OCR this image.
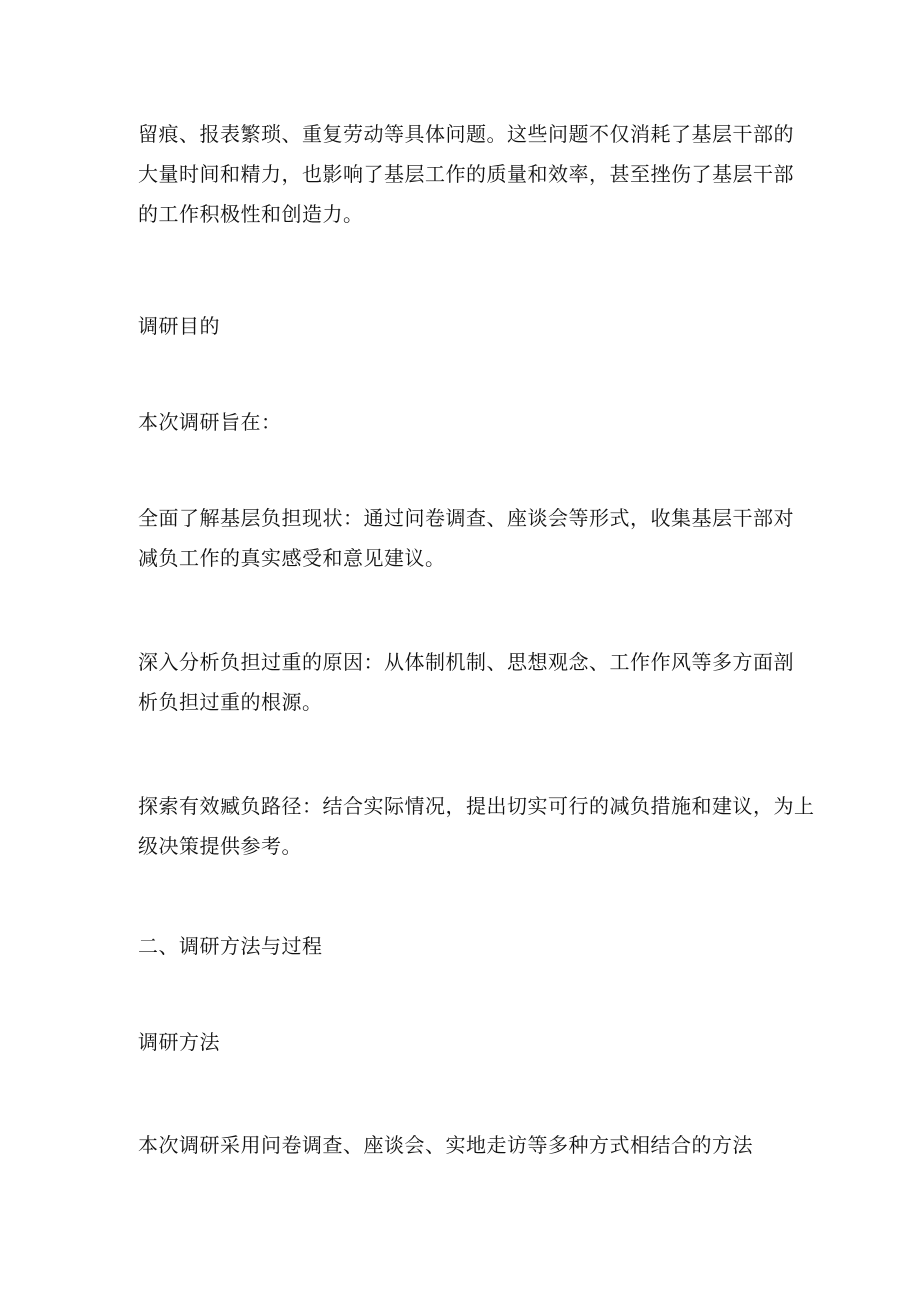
留痕、报表繁琐、重复劳动等具体问题。这些问题不仅消耗了基层干部的
大量时间和精力，也影响了基层工作的质量和效率，甚至挫伤了基层干部
的工作积极性和创造力。

调研目的

本次调研旨在：

全面了解基层负担现状：通过问卷调查、座谈会等形式，收集基层干部对
减负工作的真实感受和意见建议。

深入分析负担过重的原因：从体制机制、思想观念、工作作风等多方面剖
析负担过重的根源。

探索有效臧负路径：结合实际情况，提出切实可行的减负措施和建议，为上
级决策提供参考。

二、调研方法与过程

调研方法

本次调研采用问卷调查、座谈会、实地走访等多种方式相结合的方法
